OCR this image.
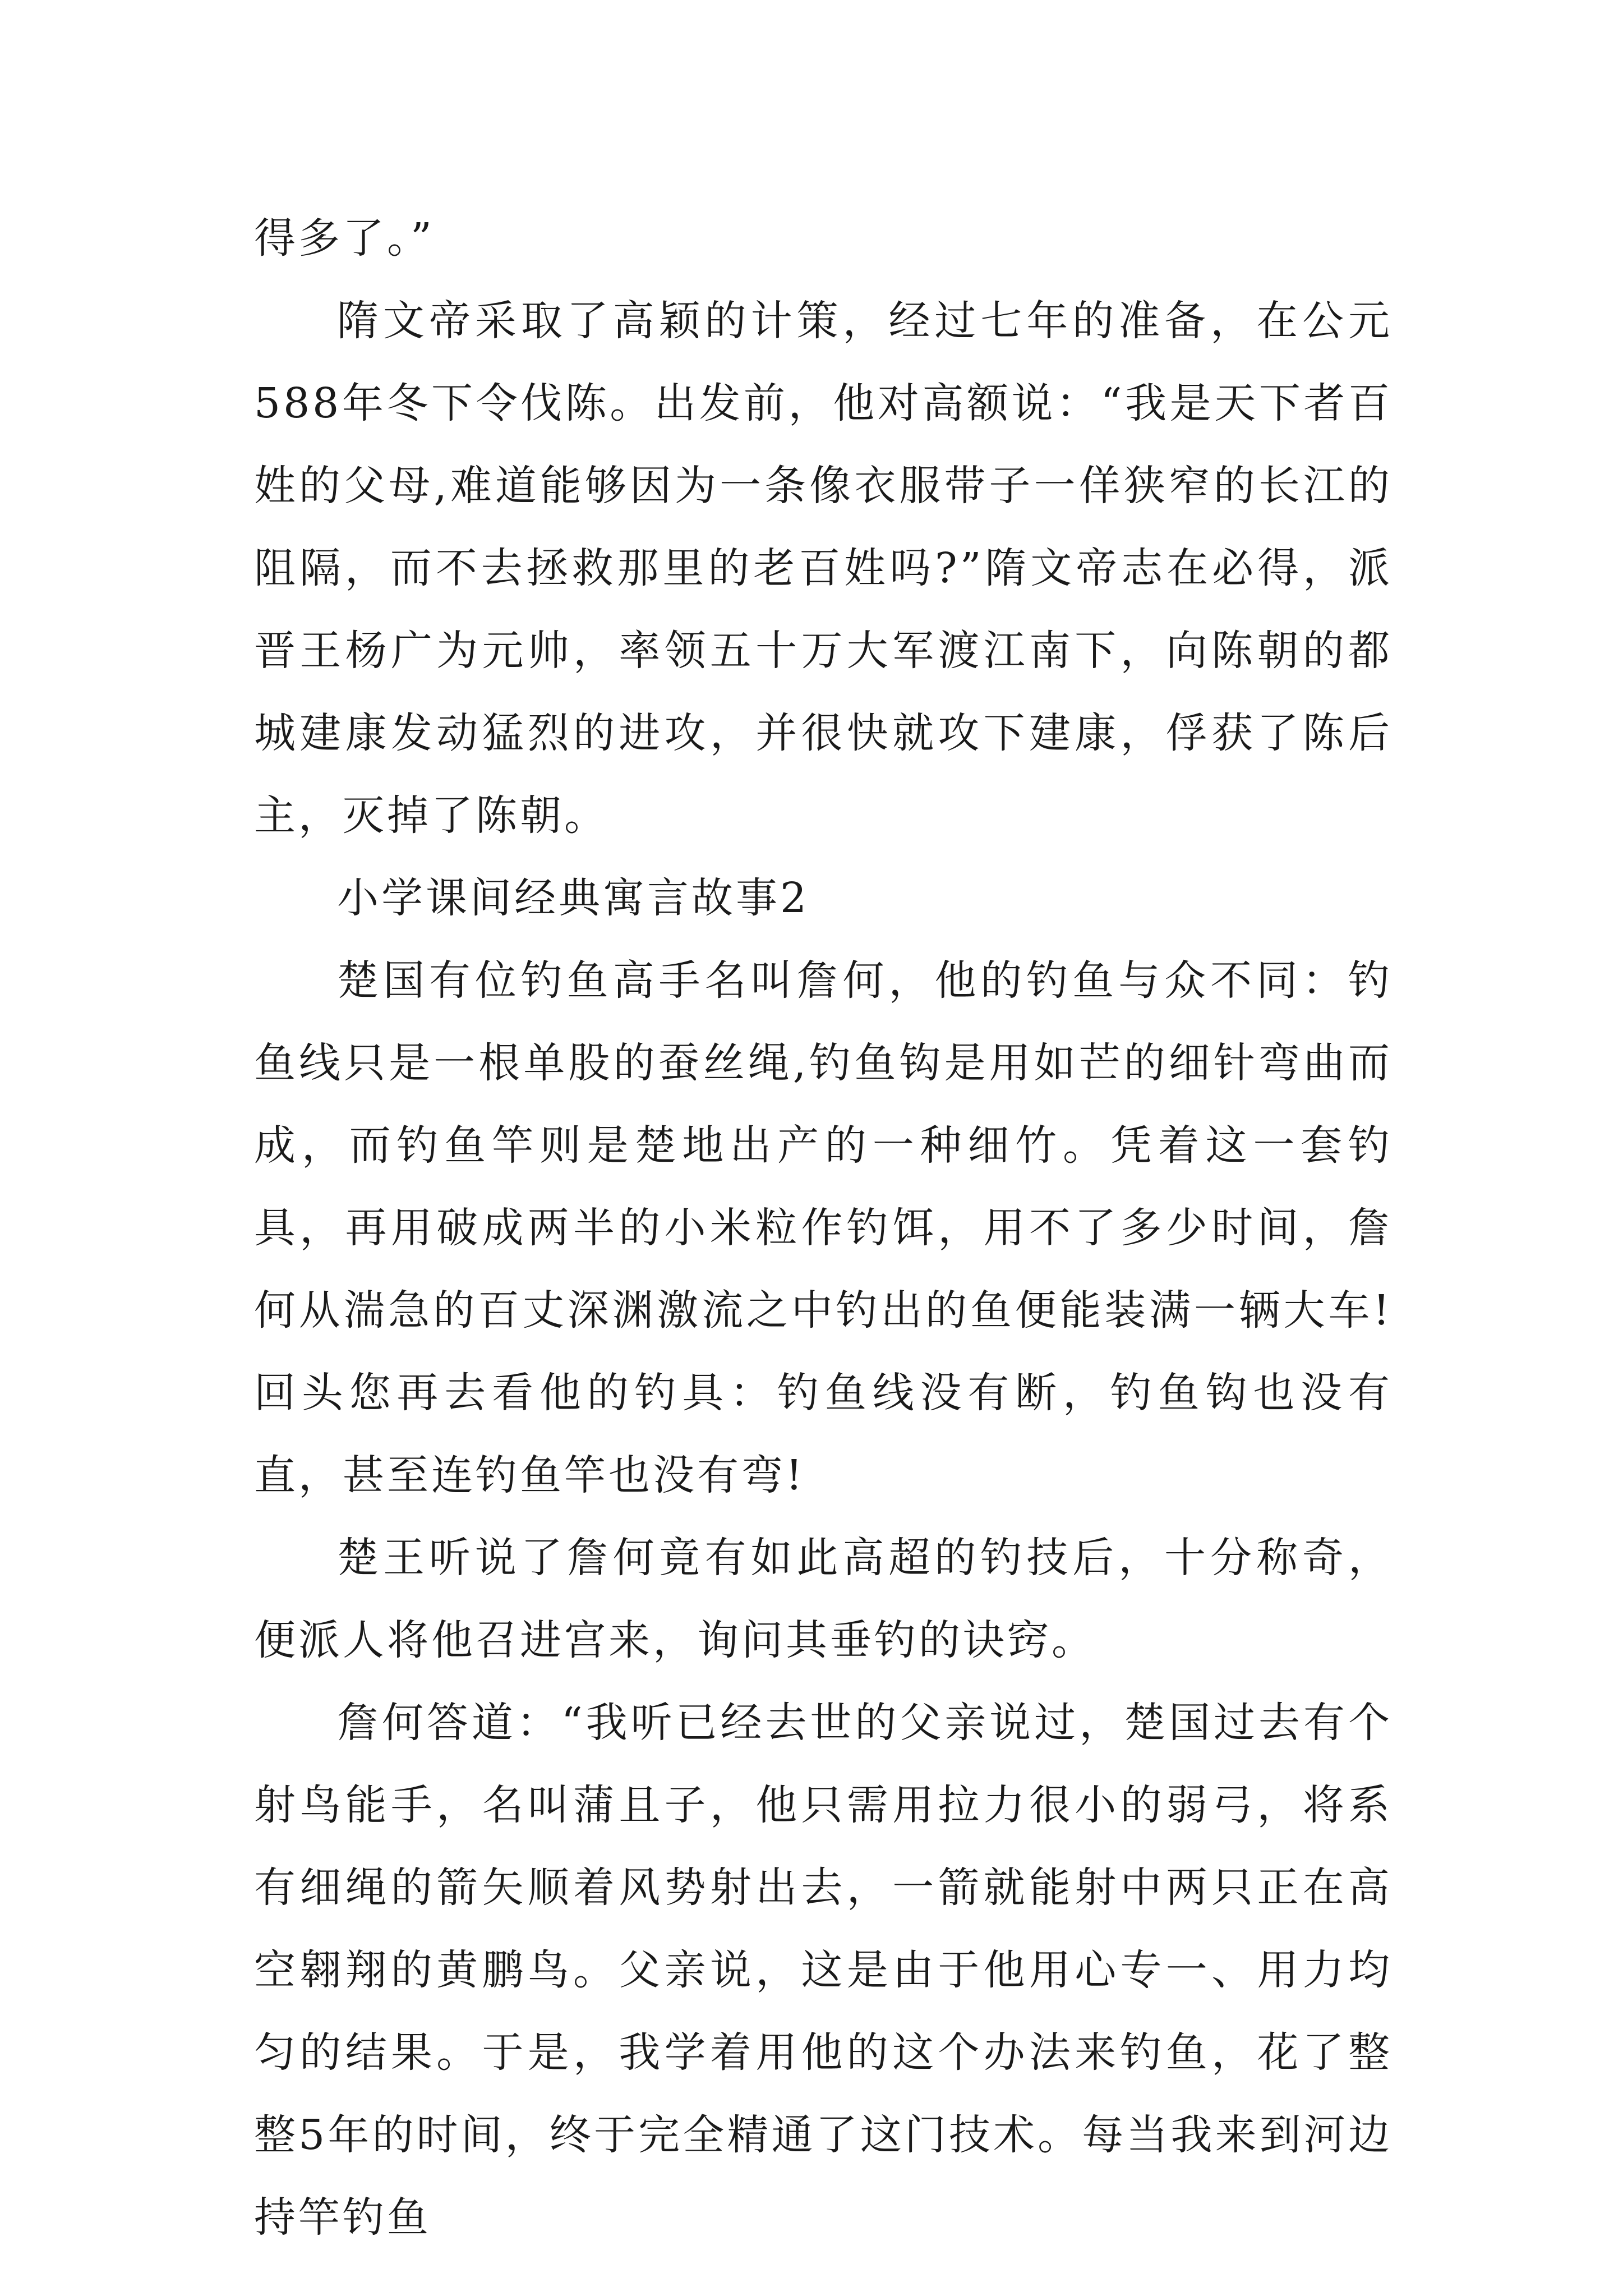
得多了。”

隋文帝采取了高颖的计策，经过七年的准备，在公元588年冬下令伐陈。出发前，他对高额说：“我是天下者百姓的父母,难道能够因为一条像衣服带子一佯狭窄的长江的阻隔，而不去拯救那里的老百姓吗?”隋文帝志在必得，派晋王杨广为元帅，率领五十万大军渡江南下，向陈朝的都城建康发动猛烈的进攻，并很快就攻下建康，俘获了陈后主，灭掉了陈朝。

小学课间经典寓言故事2

楚国有位钓鱼高手名叫詹何，他的钓鱼与众不同：钓鱼线只是一根单股的蚕丝绳,钓鱼钩是用如芒的细针弯曲而成，而钓鱼竿则是楚地出产的一种细竹。凭着这一套钓具，再用破成两半的小米粒作钓饵，用不了多少时间，詹何从湍急的百丈深渊激流之中钓出的鱼便能装满一辆大车!回头您再去看他的钓具：钓鱼线没有断，钓鱼钩也没有直，甚至连钓鱼竿也没有弯!

楚王听说了詹何竟有如此高超的钓技后，十分称奇，便派人将他召进宫来，询问其垂钓的诀窍。

詹何答道：“我听已经去世的父亲说过，楚国过去有个射鸟能手，名叫蒲且子，他只需用拉力很小的弱弓，将系有细绳的箭矢顺着风势射出去，一箭就能射中两只正在高空翱翔的黄鹏鸟。父亲说，这是由于他用心专一、用力均匀的结果。于是，我学着用他的这个办法来钓鱼，花了整整5年的时间，终于完全精通了这门技术。每当我来到河边持竿钓鱼
